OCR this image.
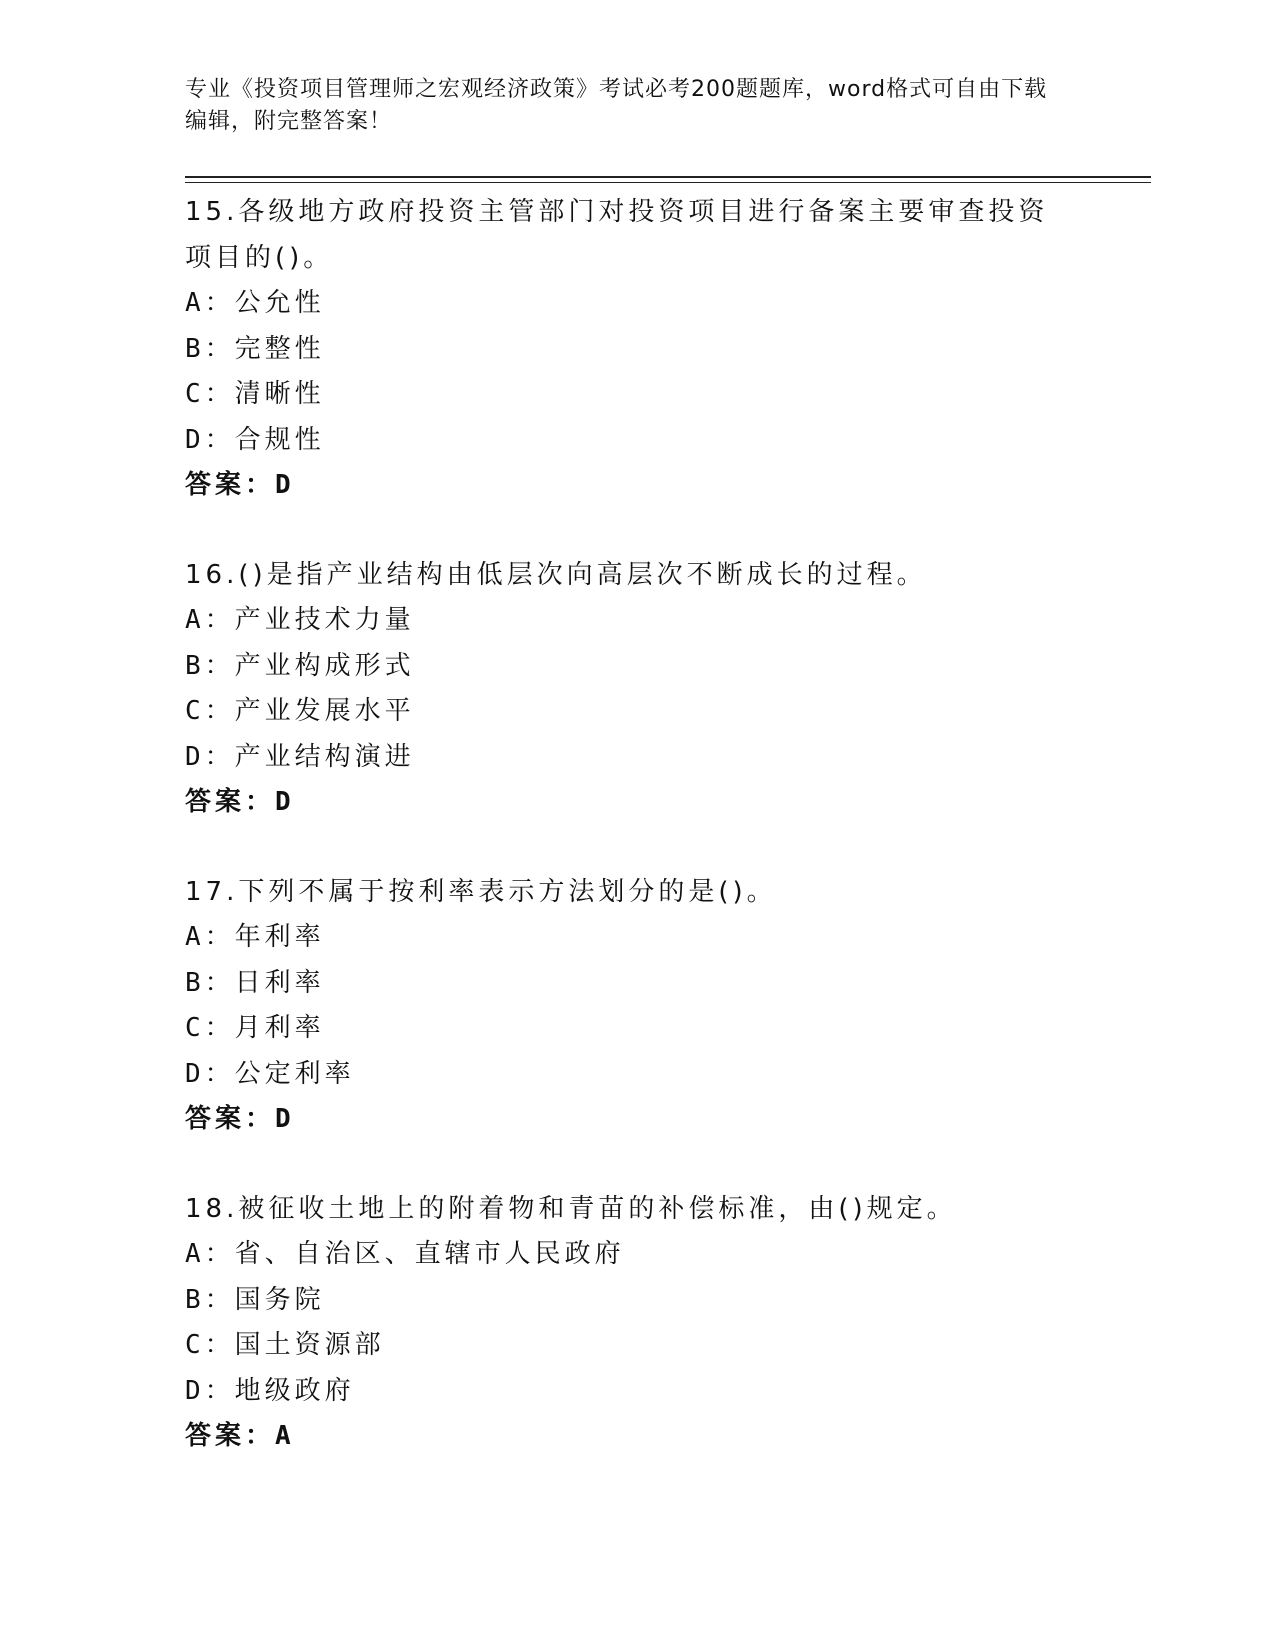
专业《投资项目管理师之宏观经济政策》考试必考200题题库，word格式可自由下载编辑，附完整答案！
15.各级地方政府投资主管部门对投资项目进行备案主要审查投资项目的()。
A：公允性
B：完整性
C：清晰性
D：合规性
答案：D
16.()是指产业结构由低层次向高层次不断成长的过程。
A：产业技术力量
B：产业构成形式
C：产业发展水平
D：产业结构演进
答案：D
17.下列不属于按利率表示方法划分的是()。
A：年利率
B：日利率
C：月利率
D：公定利率
答案：D
18.被征收土地上的附着物和青苗的补偿标准，由()规定。
A：省、自治区、直辖市人民政府
B：国务院
C：国土资源部
D：地级政府
答案：A
